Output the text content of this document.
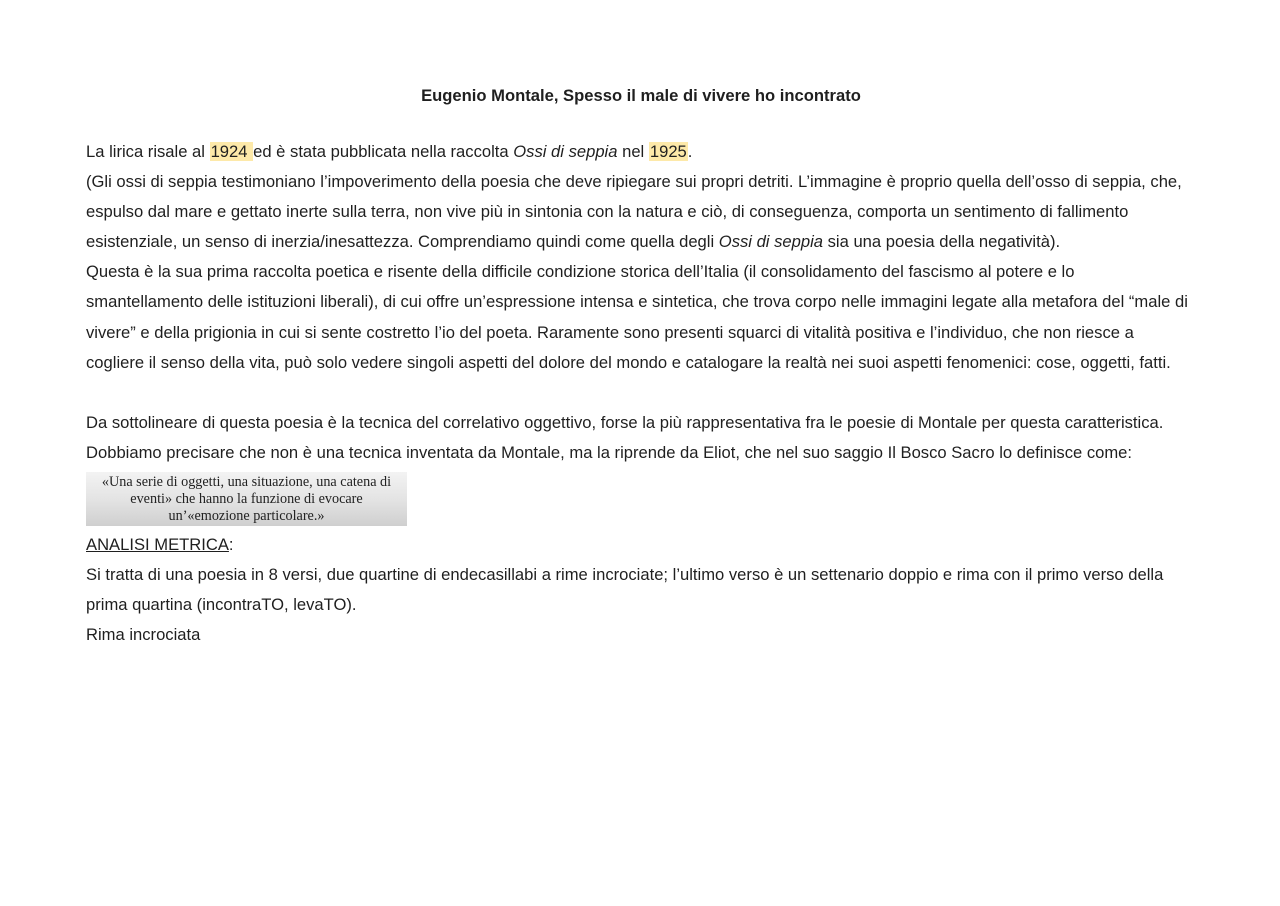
Eugenio Montale, Spesso il male di vivere ho incontrato

La lirica risale al 1924 ed è stata pubblicata nella raccolta Ossi di seppia nel 1925.

(Gli ossi di seppia testimoniano l’impoverimento della poesia che deve ripiegare sui propri detriti. L’immagine è proprio quella dell’osso di seppia, che, espulso dal mare e gettato inerte sulla terra, non vive più in sintonia con la natura e ciò, di conseguenza, comporta un sentimento di fallimento esistenziale, un senso di inerzia/inesattezza. Comprendiamo quindi come quella degli Ossi di seppia sia una poesia della negatività).

Questa è la sua prima raccolta poetica e risente della difficile condizione storica dell’Italia (il consolidamento del fascismo al potere e lo smantellamento delle istituzioni liberali), di cui offre un’espressione intensa e sintetica, che trova corpo nelle immagini legate alla metafora del “male di vivere” e della prigionia in cui si sente costretto l’io del poeta. Raramente sono presenti squarci di vitalità positiva e l’individuo, che non riesce a cogliere il senso della vita, può solo vedere singoli aspetti del dolore del mondo e catalogare la realtà nei suoi aspetti fenomenici: cose, oggetti, fatti.

Da sottolineare di questa poesia è la tecnica del correlativo oggettivo, forse la più rappresentativa fra le poesie di Montale per questa caratteristica. Dobbiamo precisare che non è una tecnica inventata da Montale, ma la riprende da Eliot, che nel suo saggio Il Bosco Sacro lo definisce come:

«Una serie di oggetti, una situazione, una catena di
eventi» che hanno la funzione di evocare
un’«emozione particolare.»

ANALISI METRICA:

Si tratta di una poesia in 8 versi, due quartine di endecasillabi a rime incrociate; l’ultimo verso è un settenario doppio e rima con il primo verso della prima quartina (incontraTO, levaTO).

Rima incrociata
